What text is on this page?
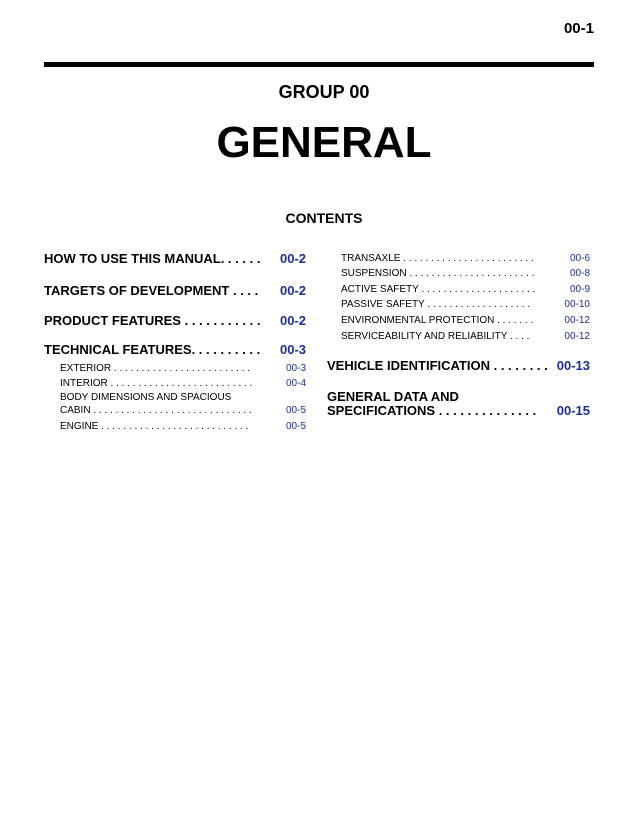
00-1
GROUP 00
GENERAL
CONTENTS
HOW TO USE THIS MANUAL. . . . . .	00-2
TARGETS OF DEVELOPMENT . . . .	00-2
PRODUCT FEATURES . . . . . . . . . . .	00-2
TECHNICAL FEATURES. . . . . . . . . .	00-3
EXTERIOR . . . . . . . . . . . . . . . . . . . . . . . . .	00-3
INTERIOR . . . . . . . . . . . . . . . . . . . . . . . . . .	00-4
BODY DIMENSIONS AND SPACIOUS
CABIN . . . . . . . . . . . . . . . . . . . . . . . . . . . . .	00-5
ENGINE . . . . . . . . . . . . . . . . . . . . . . . . . . .	00-5
TRANSAXLE . . . . . . . . . . . . . . . . . . . . . . . .	00-6
SUSPENSION . . . . . . . . . . . . . . . . . . . . . . .	00-8
ACTIVE SAFETY . . . . . . . . . . . . . . . . . . . . .	00-9
PASSIVE SAFETY . . . . . . . . . . . . . . . . . . .	00-10
ENVIRONMENTAL PROTECTION . . . . . . .	00-12
SERVICEABILITY AND RELIABILITY . . . .	00-12
VEHICLE IDENTIFICATION . . . . . . . . 00-13
GENERAL DATA AND
SPECIFICATIONS . . . . . . . . . . . . . .	00-15
